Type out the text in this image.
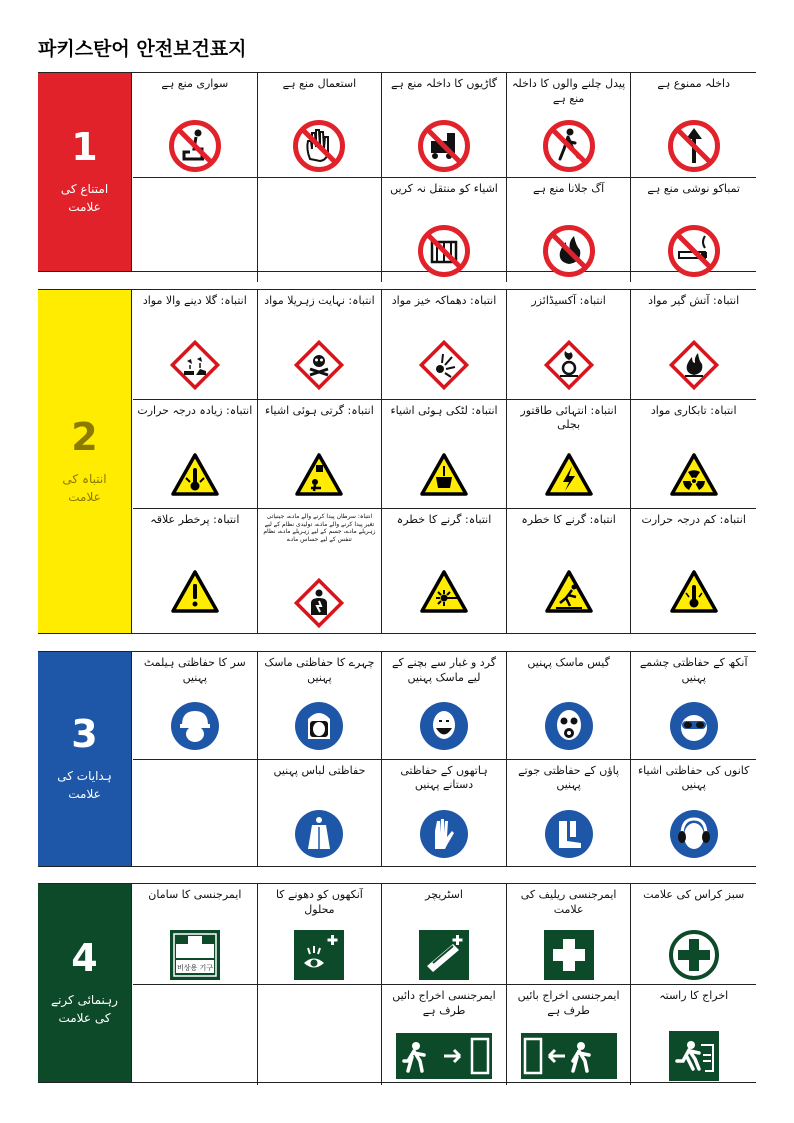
파키스탄어 안전보건표지
1
امتناع کی علامت
داخلہ ممنوع ہے
پیدل چلنے والوں کا داخلہ منع ہے
گاڑیوں کا داخلہ منع ہے
استعمال منع ہے
سواری منع ہے
تمباکو نوشی منع ہے
آگ جلانا منع ہے
اشیاء کو منتقل نہ کریں
2
انتباہ کی علامت
انتباہ: آتش گیر مواد
انتباہ: آکسیڈائزر
انتباہ: دھماکہ خیز مواد
انتباہ: نہایت زہریلا مواد
انتباہ: گلا دینے والا مواد
انتباہ: تابکاری مواد
انتباہ: انتہائی طاقتور بجلی
انتباہ: لٹکی ہوئی اشیاء
انتباہ: گرتی ہوئی اشیاء
انتباہ: زیادہ درجہ حرارت
انتباہ: کم درجہ حرارت
انتباہ: گرنے کا خطرہ
انتباہ: گرنے کا خطرہ
انتباہ: سرطان پیدا کرنے والے مادے، جینیاتی تغیر پیدا کرنے والے مادے، تولیدی نظام کے لیے زہریلے مادے، جسم کے لیے زہریلے مادے، نظام تنفس کے لیے حساس مادے
انتباہ: پرخطر علاقہ
3
ہدایات کی علامت
آنکھ کے حفاظتی چشمے پہنیں
گیس ماسک پہنیں
گرد و غبار سے بچنے کے لیے ماسک پہنیں
چہرے کا حفاظتی ماسک پہنیں
سر کا حفاظتی ہیلمٹ پہنیں
کانوں کی حفاظتی اشیاء پہنیں
پاؤں کے حفاظتی جوتے پہنیں
ہاتھوں کے حفاظتی دستانے پہنیں
حفاظتی لباس پہنیں
4
رہنمائی کرنے کی علامت
سبز کراس کی علامت
ایمرجنسی ریلیف کی علامت
اسٹریچر
آنکھوں کو دھونے کا محلول
ایمرجنسی کا سامان
비상용 기구
اخراج کا راستہ
ایمرجنسی اخراج بائیں طرف ہے
ایمرجنسی اخراج دائیں طرف ہے
